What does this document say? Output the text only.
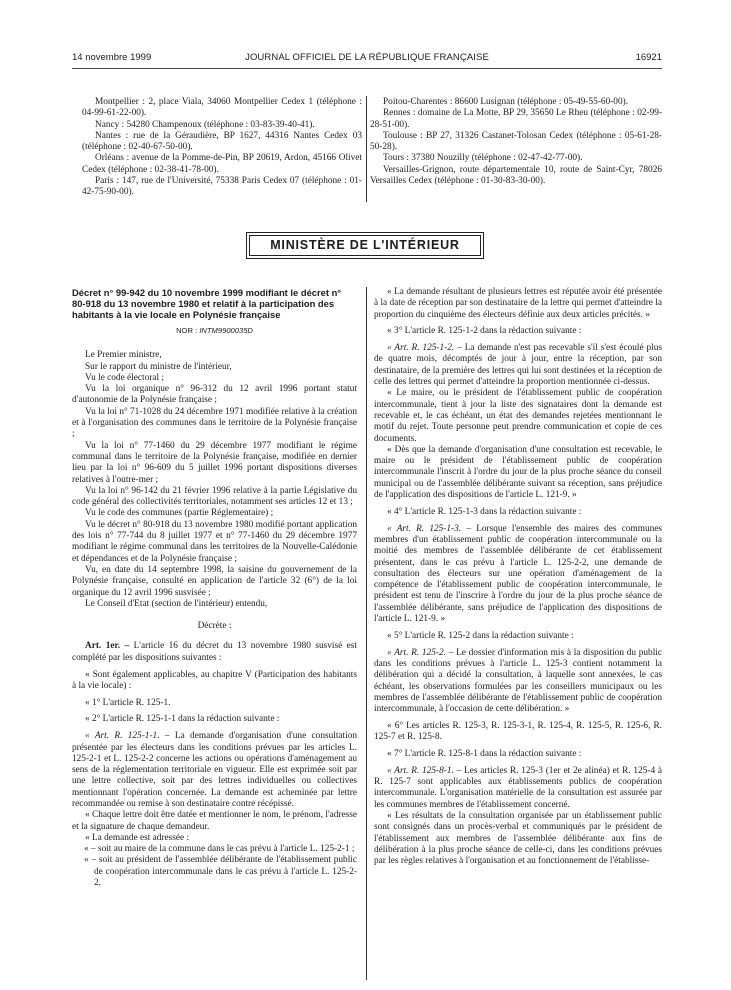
14 novembre 1999	JOURNAL OFFICIEL DE LA RÉPUBLIQUE FRANÇAISE	16921

Montpellier : 2, place Viala, 34060 Montpellier Cedex 1 (téléphone : 04-99-61-22-00).

Nancy : 54280 Champenoux (téléphone : 03-83-39-40-41).

Nantes : rue de la Géraudière, BP 1627, 44316 Nantes Cedex 03 (téléphone : 02-40-67-50-00).

Orléans : avenue de la Pomme-de-Pin, BP 20619, Ardon, 45166 Olivet Cedex (téléphone : 02-38-41-78-00).

Paris : 147, rue de l'Université, 75338 Paris Cedex 07 (téléphone : 01-42-75-90-00).

Poitou-Charentes : 86600 Lusignan (téléphone : 05-49-55-60-00).

Rennes : domaine de La Motte, BP 29, 35650 Le Rheu (téléphone : 02-99-28-51-00).

Toulouse : BP 27, 31326 Castanet-Tolosan Cedex (téléphone : 05-61-28-50-28).

Tours : 37380 Nouzilly (téléphone : 02-47-42-77-00).

Versailles-Grignon, route départementale 10, route de Saint-Cyr, 78026 Versailles Cedex (téléphone : 01-30-83-30-00).

MINISTÈRE DE L'INTÉRIEUR

Décret n° 99-942 du 10 novembre 1999 modifiant le décret n° 80-918 du 13 novembre 1980 et relatif à la participation des habitants à la vie locale en Polynésie française

NOR : INTM9900035D

Le Premier ministre,

Sur le rapport du ministre de l'intérieur,

Vu le code électoral ;

Vu la loi organique n° 96-312 du 12 avril 1996 portant statut d'autonomie de la Polynésie française ;

Vu la loi n° 71-1028 du 24 décembre 1971 modifiée relative à la création et à l'organisation des communes dans le territoire de la Polynésie française ;

Vu la loi n° 77-1460 du 29 décembre 1977 modifiant le régime communal dans le territoire de la Polynésie française, modifiée en dernier lieu par la loi n° 96-609 du 5 juillet 1996 portant dispositions diverses relatives à l'outre-mer ;

Vu la loi n° 96-142 du 21 février 1996 relative à la partie Législative du code général des collectivités territoriales, notamment ses articles 12 et 13 ;

Vu le code des communes (partie Réglementaire) ;

Vu le décret n° 80-918 du 13 novembre 1980 modifié portant application des lois n° 77-744 du 8 juillet 1977 et n° 77-1460 du 29 décembre 1977 modifiant le régime communal dans les territoires de la Nouvelle-Calédonie et dépendances et de la Polynésie française ;

Vu, en date du 14 septembre 1998, la saisine du gouvernement de la Polynésie française, consulté en application de l'article 32 (6°) de la loi organique du 12 avril 1996 susvisée ;

Le Conseil d'Etat (section de l'intérieur) entendu,

Décrète :

Art. 1er. – L'article 16 du décret du 13 novembre 1980 susvisé est complété par les dispositions suivantes :

« Sont également applicables, au chapitre V (Participation des habitants à la vie locale) :

« 1° L'article R. 125-1.

« 2° L'article R. 125-1-1 dans la rédaction suivante :

« Art. R. 125-1-1. – La demande d'organisation d'une consultation présentée par les électeurs dans les conditions prévues par les articles L. 125-2-1 et L. 125-2-2 concerne les actions ou opérations d'aménagement au sens de la réglementation territoriale en vigueur. Elle est exprimée soit par une lettre collective, soit par des lettres individuelles ou collectives mentionnant l'opération concernée. La demande est acheminée par lettre recommandée ou remise à son destinataire contre récépissé.

« Chaque lettre doit être datée et mentionner le nom, le prénom, l'adresse et la signature de chaque demandeur.

« La demande est adressée :

« – soit au maire de la commune dans le cas prévu à l'article L. 125-2-1 ;

« – soit au président de l'assemblée délibérante de l'établissement public de coopération intercommunale dans le cas prévu à l'article L. 125-2-2.

« La demande résultant de plusieurs lettres est réputée avoir été présentée à la date de réception par son destinataire de la lettre qui permet d'atteindre la proportion du cinquième des électeurs définie aux deux articles précités. »

« 3° L'article R. 125-1-2 dans la rédaction suivante :

« Art. R. 125-1-2. – La demande n'est pas recevable s'il s'est écoulé plus de quatre mois, décomptés de jour à jour, entre la réception, par son destinataire, de la première des lettres qui lui sont destinées et la réception de celle des lettres qui permet d'atteindre la proportion mentionnée ci-dessus.

« Le maire, ou le président de l'établissement public de coopération intercommunale, tient à jour la liste des signataires dont la demande est recevable et, le cas échéant, un état des demandes rejetées mentionnant le motif du rejet. Toute personne peut prendre communication et copie de ces documents.

« Dès que la demande d'organisation d'une consultation est recevable, le maire ou le président de l'établissement public de coopération intercommunale l'inscrit à l'ordre du jour de la plus proche séance du conseil municipal ou de l'assemblée délibérante suivant sa réception, sans préjudice de l'application des dispositions de l'article L. 121-9. »

« 4° L'article R. 125-1-3 dans la rédaction suivante :

« Art. R. 125-1-3. – Lorsque l'ensemble des maires des communes membres d'un établissement public de coopération intercommunale ou la moitié des membres de l'assemblée délibérante de cet établissement présentent, dans le cas prévu à l'article L. 125-2-2, une demande de consultation des électeurs sur une opération d'aménagement de la compétence de l'établissement public de coopération intercommunale, le président est tenu de l'inscrire à l'ordre du jour de la plus proche séance de l'assemblée délibérante, sans préjudice de l'application des dispositions de l'article L. 121-9. »

« 5° L'article R. 125-2 dans la rédaction suivante :

« Art. R. 125-2. – Le dossier d'information mis à la disposition du public dans les conditions prévues à l'article L. 125-3 contient notamment la délibération qui a décidé la consultation, à laquelle sont annexées, le cas échéant, les observations formulées par les conseillers municipaux ou les membres de l'assemblée délibérante de l'établissement public de coopération intercommunale, à l'occasion de cette délibération. »

« 6° Les articles R. 125-3, R. 125-3-1, R. 125-4, R. 125-5, R. 125-6, R. 125-7 et R. 125-8.

« 7° L'article R. 125-8-1 dans la rédaction suivante :

« Art. R. 125-8-1. – Les articles R. 125-3 (1er et 2e alinéa) et R. 125-4 à R. 125-7 sont applicables aux établissements publics de coopération intercommunale. L'organisation matérielle de la consultation est assurée par les communes membres de l'établissement concerné.

« Les résultats de la consultation organisée par un établissement public sont consignés dans un procès-verbal et communiqués par le président de l'établissement aux membres de l'assemblée délibérante aux fins de délibération à la plus proche séance de celle-ci, dans les conditions prévues par les règles relatives à l'organisation et au fonctionnement de l'établisse-
